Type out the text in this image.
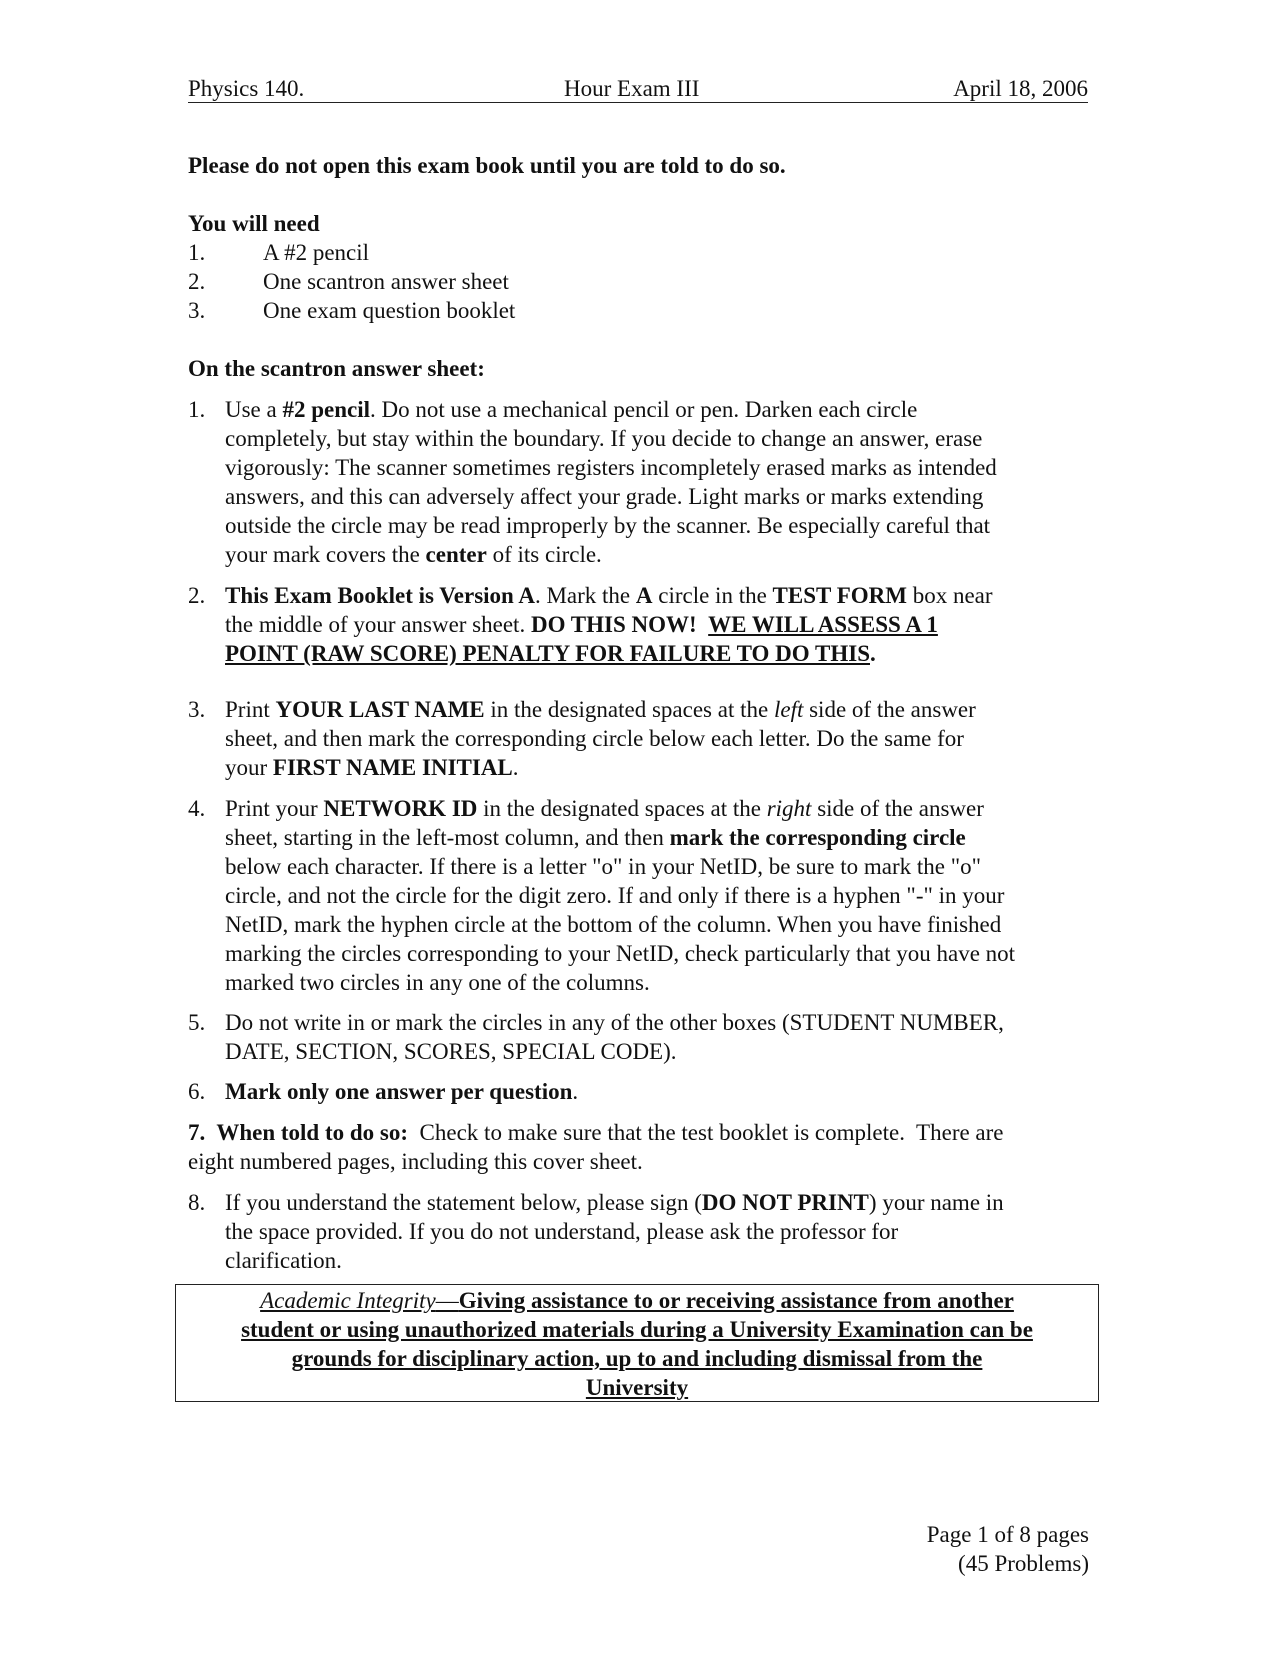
Physics 140.	Hour Exam III	April 18, 2006
Please do not open this exam book until you are told to do so.
You will need
1.	A #2 pencil
2.	One scantron answer sheet
3.	One exam question booklet
On the scantron answer sheet:
1. Use a #2 pencil. Do not use a mechanical pencil or pen. Darken each circle
completely, but stay within the boundary. If you decide to change an answer, erase
vigorously: The scanner sometimes registers incompletely erased marks as intended
answers, and this can adversely affect your grade. Light marks or marks extending
outside the circle may be read improperly by the scanner. Be especially careful that
your mark covers the center of its circle.
2. This Exam Booklet is Version A. Mark the A circle in the TEST FORM box near
the middle of your answer sheet. DO THIS NOW! WE WILL ASSESS A 1
POINT (RAW SCORE) PENALTY FOR FAILURE TO DO THIS.
3. Print YOUR LAST NAME in the designated spaces at the left side of the answer
sheet, and then mark the corresponding circle below each letter. Do the same for
your FIRST NAME INITIAL.
4. Print your NETWORK ID in the designated spaces at the right side of the answer
sheet, starting in the left-most column, and then mark the corresponding circle
below each character. If there is a letter "o" in your NetID, be sure to mark the "o"
circle, and not the circle for the digit zero. If and only if there is a hyphen "-" in your
NetID, mark the hyphen circle at the bottom of the column. When you have finished
marking the circles corresponding to your NetID, check particularly that you have not
marked two circles in any one of the columns.
5. Do not write in or mark the circles in any of the other boxes (STUDENT NUMBER,
DATE, SECTION, SCORES, SPECIAL CODE).
6. Mark only one answer per question.
7. When told to do so:  Check to make sure that the test booklet is complete.  There are
eight numbered pages, including this cover sheet.
8. If you understand the statement below, please sign (DO NOT PRINT) your name in
the space provided. If you do not understand, please ask the professor for
clarification.
Academic Integrity—Giving assistance to or receiving assistance from another
student or using unauthorized materials during a University Examination can be
grounds for disciplinary action, up to and including dismissal from the
University
Page 1 of 8 pages
(45 Problems)
